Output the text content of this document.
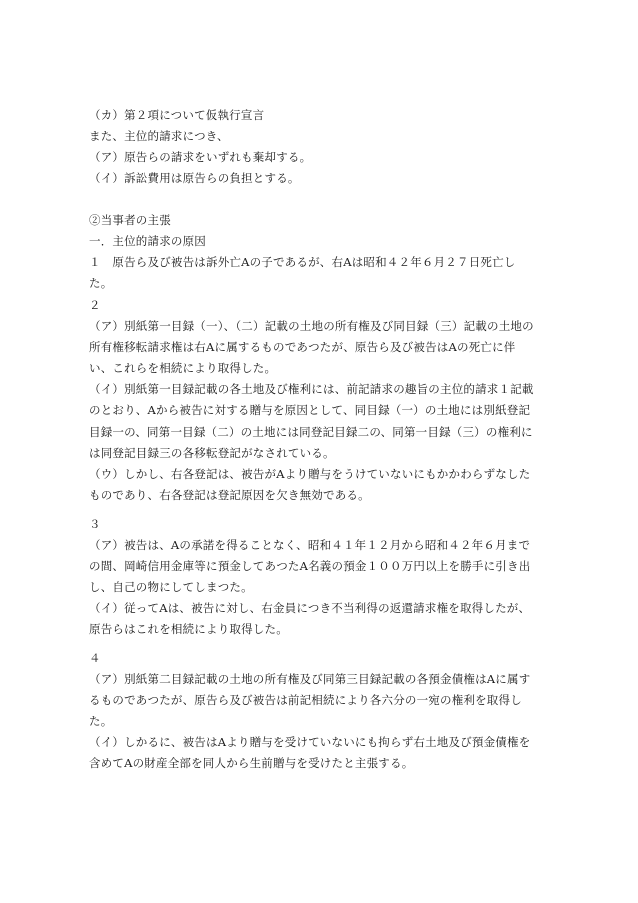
（カ）第２項について仮執行宣言

また、主位的請求につき、

（ア）原告らの請求をいずれも棄却する。

（イ）訴訟費用は原告らの負担とする。

②当事者の主張

一．主位的請求の原因

１　原告ら及び被告は訴外亡Aの子であるが、右Aは昭和４２年６月２７日死亡し

た。

２

（ア）別紙第一目録（一）、（二）記載の土地の所有権及び同目録（三）記載の土地の

所有権移転請求権は右Aに属するものであつたが、原告ら及び被告はAの死亡に伴

い、これらを相続により取得した。

（イ）別紙第一目録記載の各土地及び権利には、前記請求の趣旨の主位的請求１記載

のとおり、Aから被告に対する贈与を原因として、同目録（一）の土地には別紙登記

目録一の、同第一目録（二）の土地には同登記目録二の、同第一目録（三）の権利に

は同登記目録三の各移転登記がなされている。

（ウ）しかし、右各登記は、被告がAより贈与をうけていないにもかかわらずなした

ものであり、右各登記は登記原因を欠き無効である。

３

（ア）被告は、Aの承諾を得ることなく、昭和４１年１２月から昭和４２年６月まで

の間、岡崎信用金庫等に預金してあつたA名義の預金１００万円以上を勝手に引き出

し、自己の物にしてしまつた。

（イ）従ってAは、被告に対し、右金員につき不当利得の返還請求権を取得したが、

原告らはこれを相続により取得した。

４

（ア）別紙第二目録記載の土地の所有権及び同第三目録記載の各預金債権はAに属す

るものであつたが、原告ら及び被告は前記相続により各六分の一宛の権利を取得し

た。

（イ）しかるに、被告はAより贈与を受けていないにも拘らず右土地及び預金債権を

含めてAの財産全部を同人から生前贈与を受けたと主張する。
